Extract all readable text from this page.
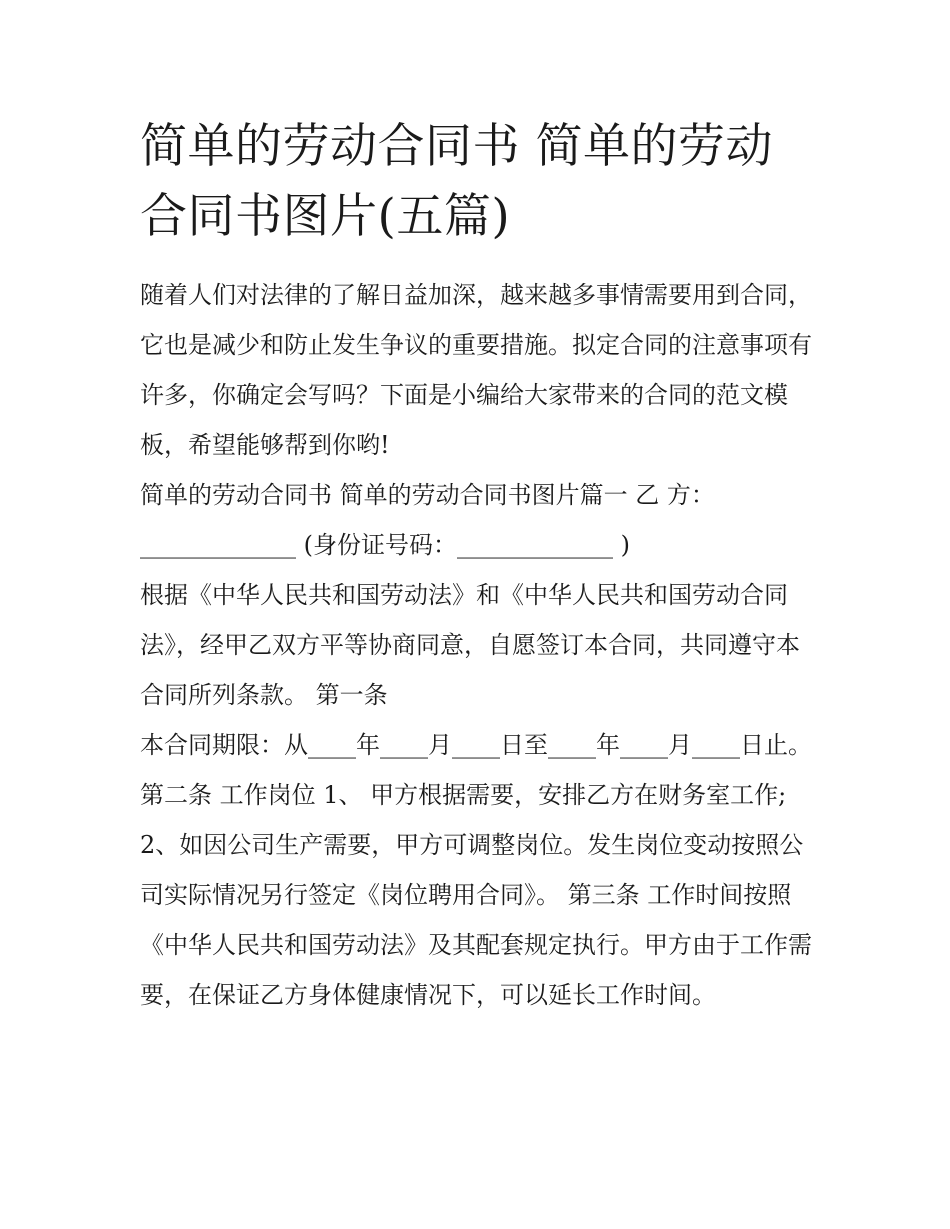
简单的劳动合同书 简单的劳动合同书图片(五篇)

随着人们对法律的了解日益加深，越来越多事情需要用到合同，它也是减少和防止发生争议的重要措施。拟定合同的注意事项有许多，你确定会写吗？下面是小编给大家带来的合同的范文模板，希望能够帮到你哟!

简单的劳动合同书 简单的劳动合同书图片篇一 乙 方：

_____________ (身份证号码：_____________ )

根据《中华人民共和国劳动法》和《中华人民共和国劳动合同法》，经甲乙双方平等协商同意，自愿签订本合同，共同遵守本合同所列条款。 第一条

本合同期限：从____年____月____日至____年____月____日止。 第二条 工作岗位 1、 甲方根据需要，安排乙方在财务室工作;

2、如因公司生产需要，甲方可调整岗位。发生岗位变动按照公司实际情况另行签定《岗位聘用合同》。 第三条 工作时间按照《中华人民共和国劳动法》及其配套规定执行。甲方由于工作需要，在保证乙方身体健康情况下，可以延长工作时间。
